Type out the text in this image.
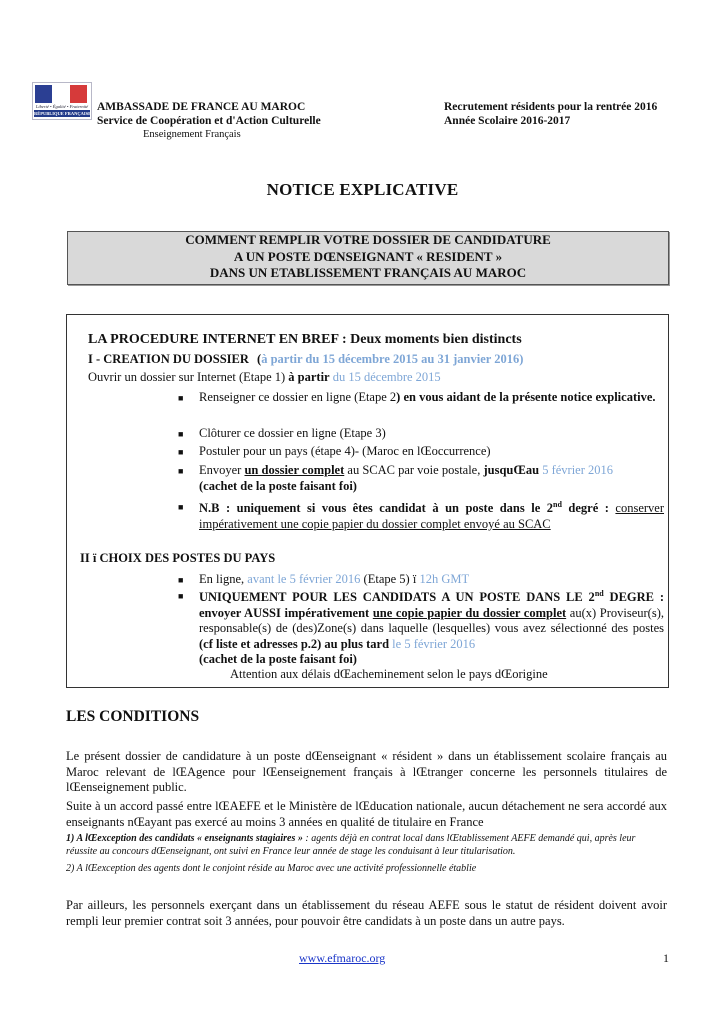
Liberté • Égalité • Fraternité
RÉPUBLIQUE FRANÇAISE
AMBASSADE DE FRANCE AU MAROC
Service de Coopération et d'Action Culturelle
Enseignement Français
Recrutement résidents pour la rentrée 2016
Année Scolaire 2016-2017
NOTICE EXPLICATIVE
COMMENT REMPLIR VOTRE DOSSIER DE CANDIDATURE
A UN POSTE DŒNSEIGNANT « RESIDENT »
DANS UN ETABLISSEMENT FRANÇAIS AU MAROC
LA PROCEDURE INTERNET EN BREF : Deux moments bien distincts
I - CREATION DU DOSSIER (à partir du 15 décembre 2015 au 31 janvier 2016)
Ouvrir un dossier sur Internet (Etape 1) à partir du 15 décembre 2015
■ Renseigner ce dossier en ligne (Etape 2) en vous aidant de la présente notice explicative.
■ Clôturer ce dossier en ligne (Etape 3)
■ Postuler pour un pays (étape 4)- (Maroc en lŒoccurrence)
■ Envoyer un dossier complet au SCAC par voie postale, jusquŒau 5 février 2016
(cachet de la poste faisant foi)
■ N.B : uniquement si vous êtes candidat à un poste dans le 2nd degré : conserver impérativement une copie papier du dossier complet envoyé au SCAC
II ï CHOIX DES POSTES DU PAYS
■ En ligne, avant le 5 février 2016 (Etape 5) ï 12h GMT
■ UNIQUEMENT POUR LES CANDIDATS A UN POSTE DANS LE 2nd DEGRE : envoyer AUSSI impérativement une copie papier du dossier complet au(x) Proviseur(s), responsable(s) de (des)Zone(s) dans laquelle (lesquelles) vous avez sélectionné des postes (cf liste et adresses p.2) au plus tard le 5 février 2016
(cachet de la poste faisant foi)
Attention aux délais dŒacheminement selon le pays dŒorigine
LES CONDITIONS
Le présent dossier de candidature à un poste dŒenseignant « résident » dans un établissement scolaire français au Maroc relevant de lŒAgence pour lŒenseignement français à lŒtranger concerne les personnels titulaires de lŒenseignement public.
Suite à un accord passé entre lŒAEFE et le Ministère de lŒducation nationale, aucun détachement ne sera accordé aux enseignants nŒayant pas exercé au moins 3 années en qualité de titulaire en France
1) A lŒexception des candidats « enseignants stagiaires » : agents déjà en contrat local dans lŒtablissement AEFE demandé qui, après leur réussite au concours dŒenseignant, ont suivi en France leur année de stage les conduisant à leur titularisation.
2) A lŒexception des agents dont le conjoint réside au Maroc avec une activité professionnelle établie
Par ailleurs, les personnels exerçant dans un établissement du réseau AEFE sous le statut de résident doivent avoir rempli leur premier contrat soit 3 années, pour pouvoir être candidats à un poste dans un autre pays.
www.efmaroc.org	1
